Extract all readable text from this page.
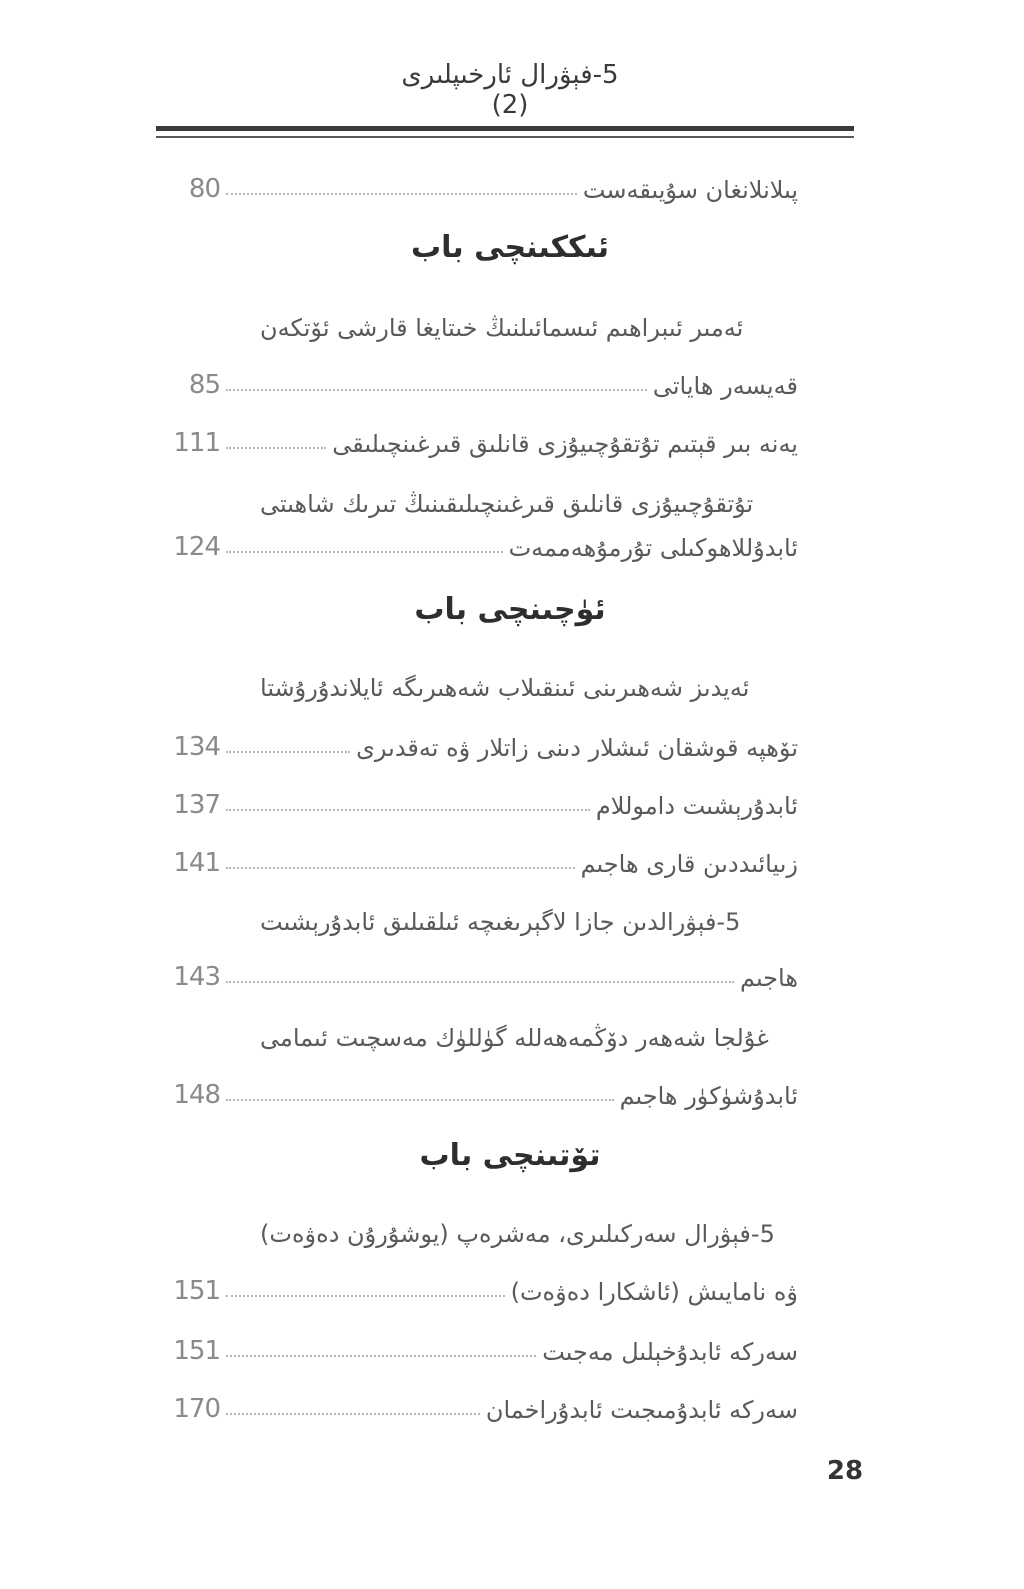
5-فېۋرال ئارخىپلىرى (2)
80	پىلانلانغان سۇيىقەست
ئىككىنچى باب
ئەمىر ئىبراھىم ئىسمائىلنىڭ خىتايغا قارشى ئۆتكەن
85	قەيسەر ھاياتى
111	يەنە بىر قېتىم تۇتقۇچىيۇزى قانلىق قىرغىنچىلىقى
تۇتقۇچىيۇزى قانلىق قىرغىنچىلىقىنىڭ تىرىك شاھىتى
124	ئابدۇللاھوكىلى تۇرمۇھەممەت
ئۈچىنچى باب
ئەيدىز شەھىرىنى ئىنقىلاب شەھىرىگە ئايلاندۇرۇشتا
134	تۆھپە قوشقان ئىشلار دىنى زاتلار ۋە تەقدىرى
137	ئابدۇرېشىت داموللام
141	زىيائىددىن قارى ھاجىم
5-فېۋرالدىن جازا لاگېرىغىچە ئىلقىلىق ئابدۇرېشىت
143	ھاجىم
غۇلجا شەھەر دۆڭمەھەللە گۈللۈك مەسچىت ئىمامى
148	ئابدۇشۈكۈر ھاجىم
تۆتىنچى باب
5-فېۋرال سەركىلىرى، مەشرەپ (يوشۇرۇن دەۋەت)
151	ۋە نامايىش (ئاشكارا دەۋەت)
151	سەركە ئابدۇخېلىل مەجىت
170	سەركە ئابدۇمىجىت ئابدۇراخمان
28
